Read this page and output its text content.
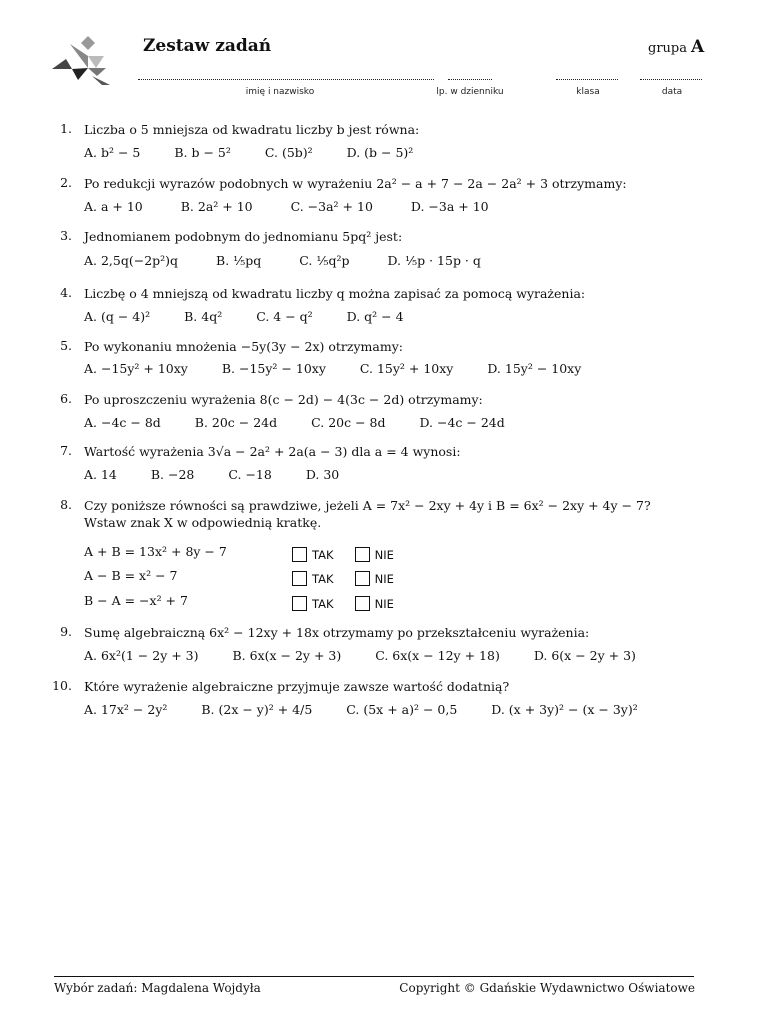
Zestaw zadań	grupa A
imię i nazwisko	lp. w dzienniku	klasa	data
1. Liczba o 5 mniejsza od kwadratu liczby b jest równa:
A. b² − 5	B. b − 5²	C. (5b)²	D. (b − 5)²
2. Po redukcji wyrazów podobnych w wyrażeniu 2a² − a + 7 − 2a − 2a² + 3 otrzymamy:
A. a + 10	B. 2a² + 10	C. −3a² + 10	D. −3a + 10
3. Jednomianem podobnym do jednomianu 5pq² jest:
A. 2,5q(−2p²)q	B. ⅕pq	C. ⅕q²p	D. ⅕p · 15p · q
4. Liczbę o 4 mniejszą od kwadratu liczby q można zapisać za pomocą wyrażenia:
A. (q − 4)²	B. 4q²	C. 4 − q²	D. q² − 4
5. Po wykonaniu mnożenia −5y(3y − 2x) otrzymamy:
A. −15y² + 10xy	B. −15y² − 10xy	C. 15y² + 10xy	D. 15y² − 10xy
6. Po uproszczeniu wyrażenia 8(c − 2d) − 4(3c − 2d) otrzymamy:
A. −4c − 8d	B. 20c − 24d	C. 20c − 8d	D. −4c − 24d
7. Wartość wyrażenia 3√a − 2a² + 2a(a − 3) dla a = 4 wynosi:
A. 14	B. −28	C. −18	D. 30
8. Czy poniższe równości są prawdziwe, jeżeli A = 7x² − 2xy + 4y i B = 6x² − 2xy + 4y − 7? Wstaw znak X w odpowiednią kratkę.
A + B = 13x² + 8y − 7	TAK	NIE
A − B = x² − 7	TAK	NIE
B − A = −x² + 7	TAK	NIE
9. Sumę algebraiczną 6x² − 12xy + 18x otrzymamy po przekształceniu wyrażenia:
A. 6x²(1 − 2y + 3)	B. 6x(x − 2y + 3)	C. 6x(x − 12y + 18)	D. 6(x − 2y + 3)
10. Które wyrażenie algebraiczne przyjmuje zawsze wartość dodatnią?
A. 17x² − 2y²	B. (2x − y)² + 4/5	C. (5x + a)² − 0,5	D. (x + 3y)² − (x − 3y)²
Wybór zadań: Magdalena Wojdyła	Copyright © Gdańskie Wydawnictwo Oświatowe
